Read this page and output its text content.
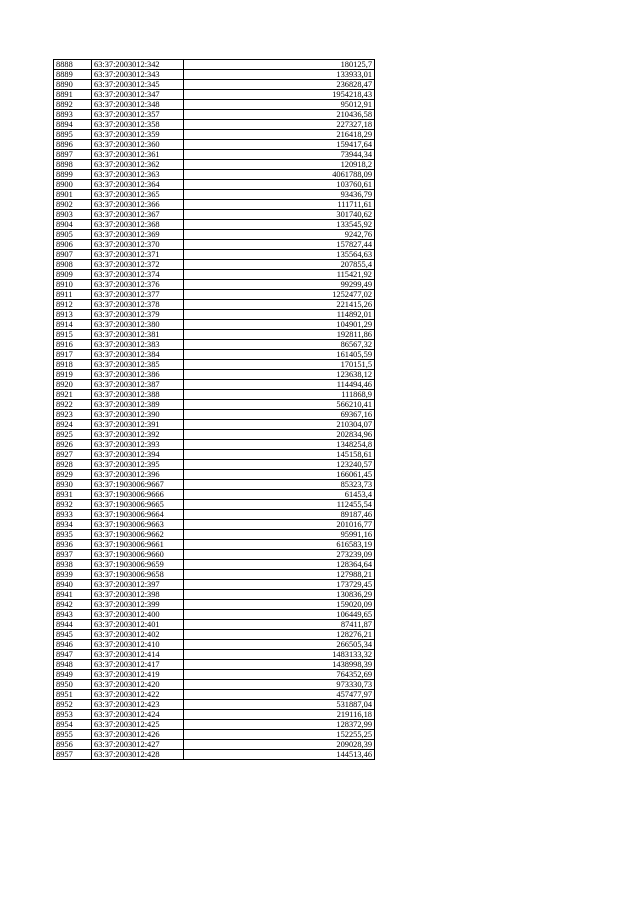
8888	63:37:2003012:342	180125,7
8889	63:37:2003012:343	133933,01
8890	63:37:2003012:345	236828,47
8891	63:37:2003012:347	1954218,43
8892	63:37:2003012:348	95012,91
8893	63:37:2003012:357	210436,58
8894	63:37:2003012:358	227327,18
8895	63:37:2003012:359	216418,29
8896	63:37:2003012:360	159417,64
8897	63:37:2003012:361	73944,34
8898	63:37:2003012:362	120918,2
8899	63:37:2003012:363	4061788,09
8900	63:37:2003012:364	103760,61
8901	63:37:2003012:365	93436,79
8902	63:37:2003012:366	111711,61
8903	63:37:2003012:367	301740,62
8904	63:37:2003012:368	133545,92
8905	63:37:2003012:369	9242,76
8906	63:37:2003012:370	157827,44
8907	63:37:2003012:371	135564,63
8908	63:37:2003012:372	207855,4
8909	63:37:2003012:374	115421,92
8910	63:37:2003012:376	99299,49
8911	63:37:2003012:377	1252477,02
8912	63:37:2003012:378	221415,26
8913	63:37:2003012:379	114892,01
8914	63:37:2003012:380	104901,29
8915	63:37:2003012:381	192811,86
8916	63:37:2003012:383	86567,32
8917	63:37:2003012:384	161405,59
8918	63:37:2003012:385	170151,5
8919	63:37:2003012:386	123638,12
8920	63:37:2003012:387	114494,46
8921	63:37:2003012:388	111868,9
8922	63:37:2003012:389	566210,41
8923	63:37:2003012:390	69367,16
8924	63:37:2003012:391	210304,07
8925	63:37:2003012:392	202834,96
8926	63:37:2003012:393	1348254,8
8927	63:37:2003012:394	145158,61
8928	63:37:2003012:395	123240,57
8929	63:37:2003012:396	166061,45
8930	63:37:1903006:9667	85323,73
8931	63:37:1903006:9666	61453,4
8932	63:37:1903006:9665	112455,54
8933	63:37:1903006:9664	89187,46
8934	63:37:1903006:9663	201016,77
8935	63:37:1903006:9662	95991,16
8936	63:37:1903006:9661	616583,19
8937	63:37:1903006:9660	273239,09
8938	63:37:1903006:9659	128364,64
8939	63:37:1903006:9658	127988,21
8940	63:37:2003012:397	173729,45
8941	63:37:2003012:398	130836,29
8942	63:37:2003012:399	159020,09
8943	63:37:2003012:400	106449,65
8944	63:37:2003012:401	87411,87
8945	63:37:2003012:402	128276,21
8946	63:37:2003012:410	266505,34
8947	63:37:2003012:414	1483133,32
8948	63:37:2003012:417	1438998,39
8949	63:37:2003012:419	764352,69
8950	63:37:2003012:420	973330,73
8951	63:37:2003012:422	457477,97
8952	63:37:2003012:423	531887,04
8953	63:37:2003012:424	219116,18
8954	63:37:2003012:425	128372,99
8955	63:37:2003012:426	152255,25
8956	63:37:2003012:427	209028,39
8957	63:37:2003012:428	144513,46
